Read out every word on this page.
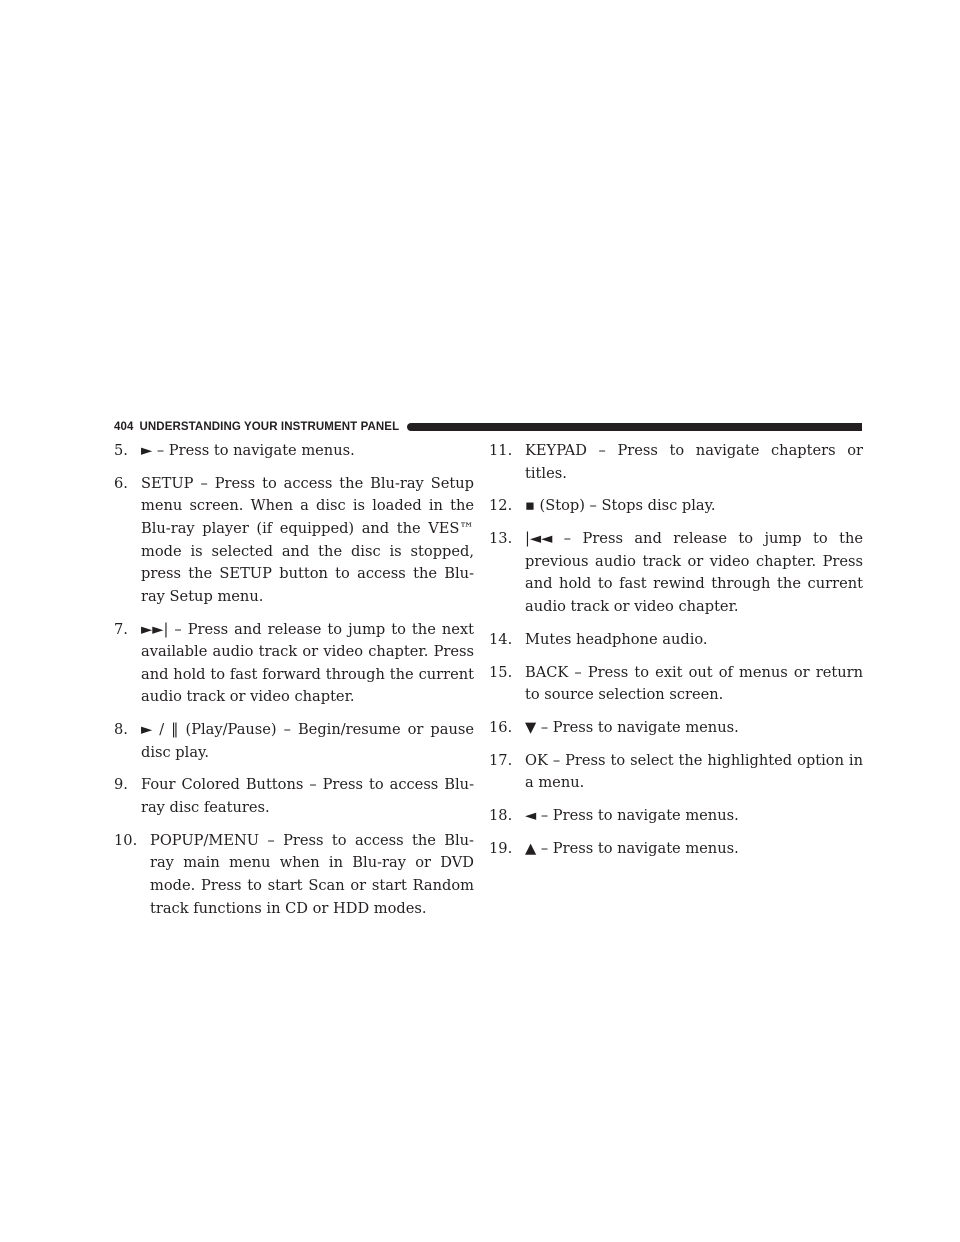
404 UNDERSTANDING YOUR INSTRUMENT PANEL
5. ► – Press to navigate menus.
6. SETUP – Press to access the Blu-ray Setup menu screen. When a disc is loaded in the Blu-ray player (if equipped) and the VES™ mode is selected and the disc is stopped, press the SETUP button to access the Blu-ray Setup menu.
7. ►►| – Press and release to jump to the next available audio track or video chapter. Press and hold to fast forward through the current audio track or video chapter.
8. ► / ‖ (Play/Pause) – Begin/resume or pause disc play.
9. Four Colored Buttons – Press to access Blu-ray disc features.
10. POPUP/MENU – Press to access the Blu-ray main menu when in Blu-ray or DVD mode. Press to start Scan or start Random track functions in CD or HDD modes.
11. KEYPAD – Press to navigate chapters or titles.
12. ▪ (Stop) – Stops disc play.
13. |◄◄ – Press and release to jump to the previous audio track or video chapter. Press and hold to fast rewind through the current audio track or video chapter.
14. Mutes headphone audio.
15. BACK – Press to exit out of menus or return to source selection screen.
16. ▼ – Press to navigate menus.
17. OK – Press to select the highlighted option in a menu.
18. ◄ – Press to navigate menus.
19. ▲ – Press to navigate menus.
